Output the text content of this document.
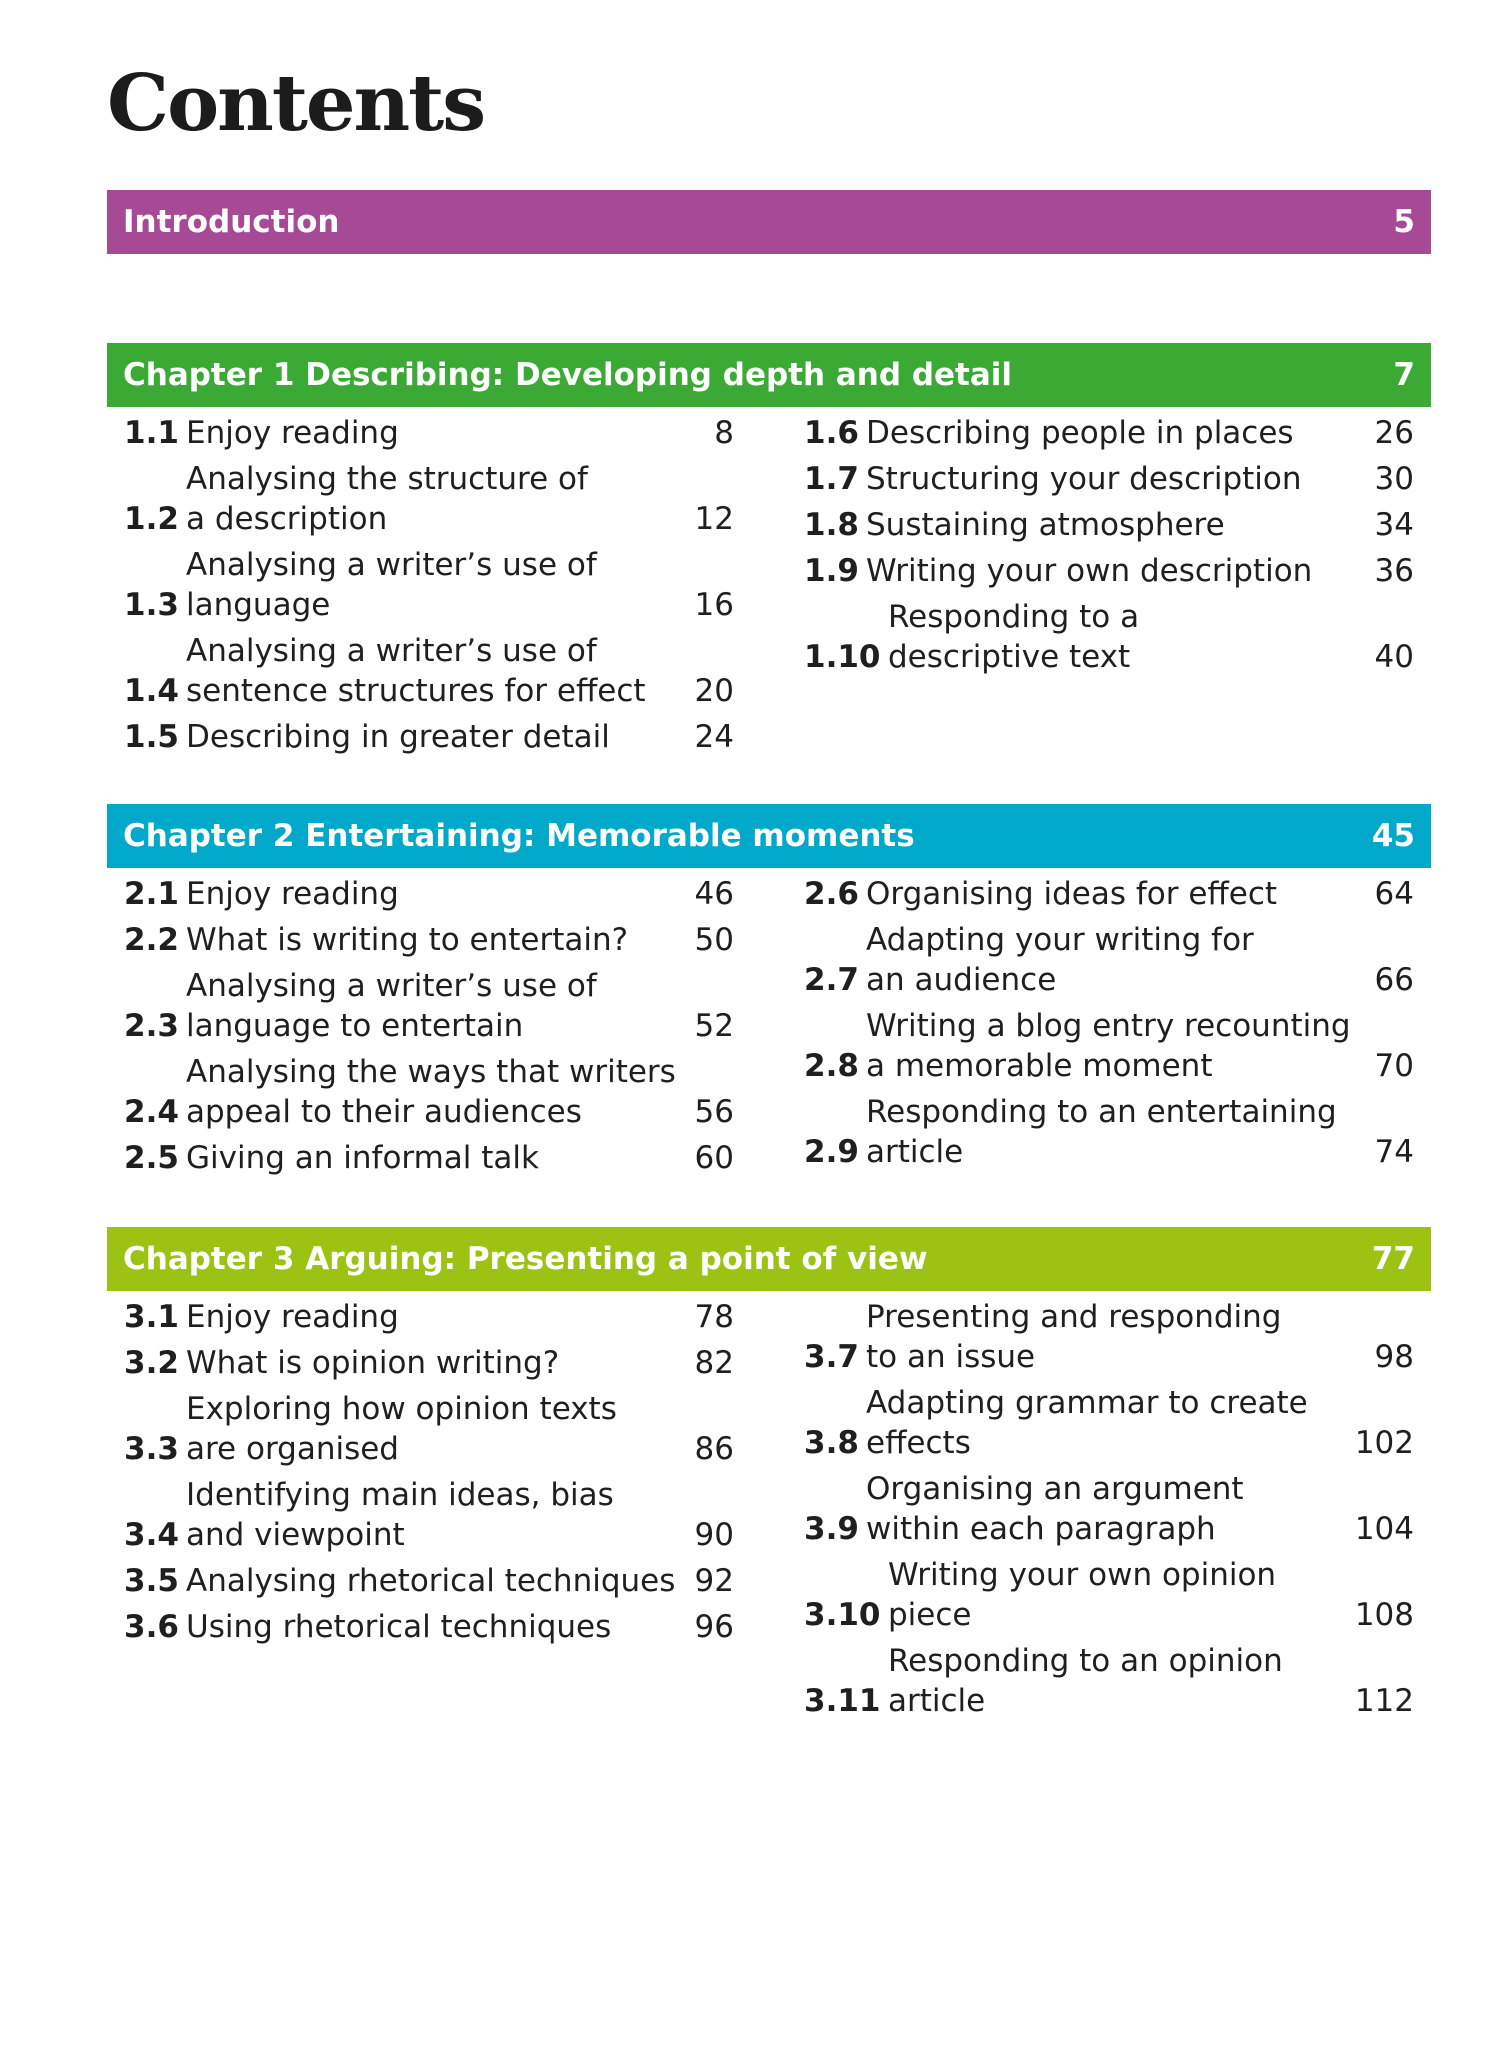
Contents
Introduction	5
Chapter 1 Describing: Developing depth and detail	7
1.1 Enjoy reading	8
1.2
Analysing the structure of
a description	12
1.3
Analysing a writer’s use of
language	16
1.4
Analysing a writer’s use of
sentence structures for effect	20
1.5 Describing in greater detail	24
1.6 Describing people in places	26
1.7 Structuring your description	30
1.8 Sustaining atmosphere	34
1.9 Writing your own description	36
1.10
Responding to a
descriptive text	40
Chapter 2 Entertaining: Memorable moments	45
2.1 Enjoy reading	46
2.2 What is writing to entertain?	50
2.3
Analysing a writer’s use of
language to entertain	52
2.4
Analysing the ways that writers
appeal to their audiences	56
2.5 Giving an informal talk	60
2.6 Organising ideas for effect	64
2.7
Adapting your writing for
an audience	66
2.8
Writing a blog entry recounting
a memorable moment	70
2.9
Responding to an entertaining
article	74
Chapter 3 Arguing: Presenting a point of view	77
3.1 Enjoy reading	78
3.2 What is opinion writing?	82
3.3
Exploring how opinion texts
are organised	86
3.4
Identifying main ideas, bias
and viewpoint	90
3.5 Analysing rhetorical techniques 92
3.6 Using rhetorical techniques	96
3.7
Presenting and responding
to an issue	98
3.8
Adapting grammar to create
effects	102
3.9
Organising an argument
within each paragraph	104
3.10
Writing your own opinion
piece	108
3.11
Responding to an opinion
article	112
